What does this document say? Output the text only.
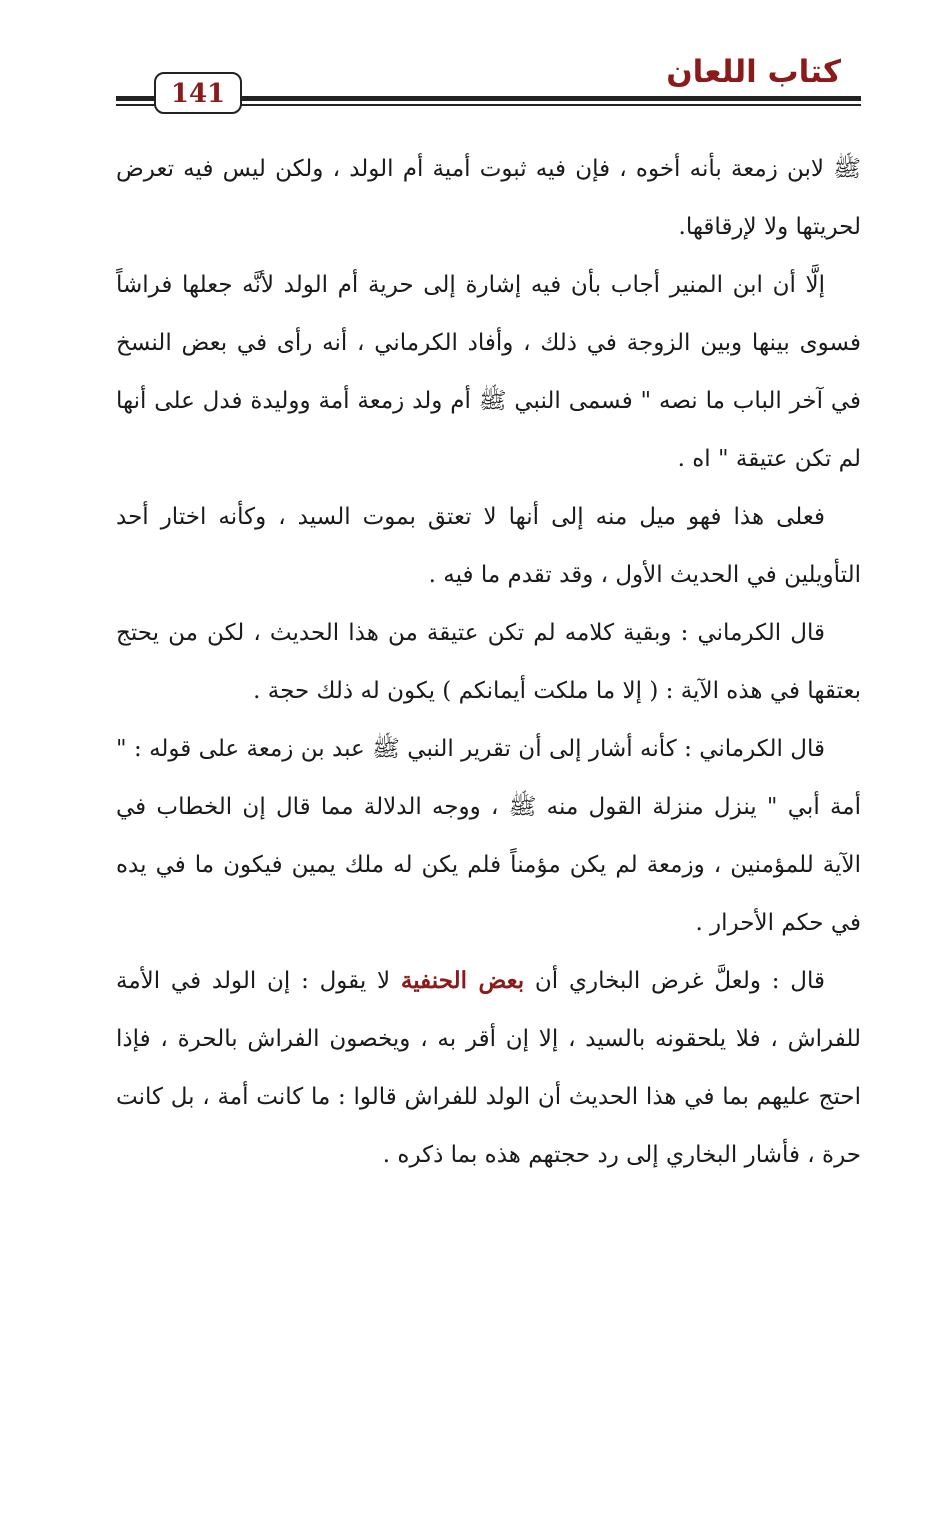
كتاب اللعان
141

ﷺ لابن زمعة بأنه أخوه ، فإن فيه ثبوت أمية أم الولد ، ولكن ليس فيه تعرض لحريتها ولا لإرقاقها.

إلَّا أن ابن المنير أجاب بأن فيه إشارة إلى حرية أم الولد لأنَّه جعلها فراشاً فسوى بينها وبين الزوجة في ذلك ، وأفاد الكرماني ، أنه رأى في بعض النسخ في آخر الباب ما نصه " فسمى النبي ﷺ أم ولد زمعة أمة ووليدة فدل على أنها لم تكن عتيقة " اه .

فعلى هذا فهو ميل منه إلى أنها لا تعتق بموت السيد ، وكأنه اختار أحد التأويلين في الحديث الأول ، وقد تقدم ما فيه .

قال الكرماني : وبقية كلامه لم تكن عتيقة من هذا الحديث ، لكن من يحتج بعتقها في هذه الآية : ( إلا ما ملكت أيمانكم ) يكون له ذلك حجة .

قال الكرماني : كأنه أشار إلى أن تقرير النبي ﷺ عبد بن زمعة على قوله : " أمة أبي " ينزل منزلة القول منه ﷺ ، ووجه الدلالة مما قال إن الخطاب في الآية للمؤمنين ، وزمعة لم يكن مؤمناً فلم يكن له ملك يمين فيكون ما في يده في حكم الأحرار .

قال : ولعلَّ غرض البخاري أن بعض الحنفية لا يقول : إن الولد في الأمة للفراش ، فلا يلحقونه بالسيد ، إلا إن أقر به ، ويخصون الفراش بالحرة ، فإذا احتج عليهم بما في هذا الحديث أن الولد للفراش قالوا : ما كانت أمة ، بل كانت حرة ، فأشار البخاري إلى رد حجتهم هذه بما ذكره .
